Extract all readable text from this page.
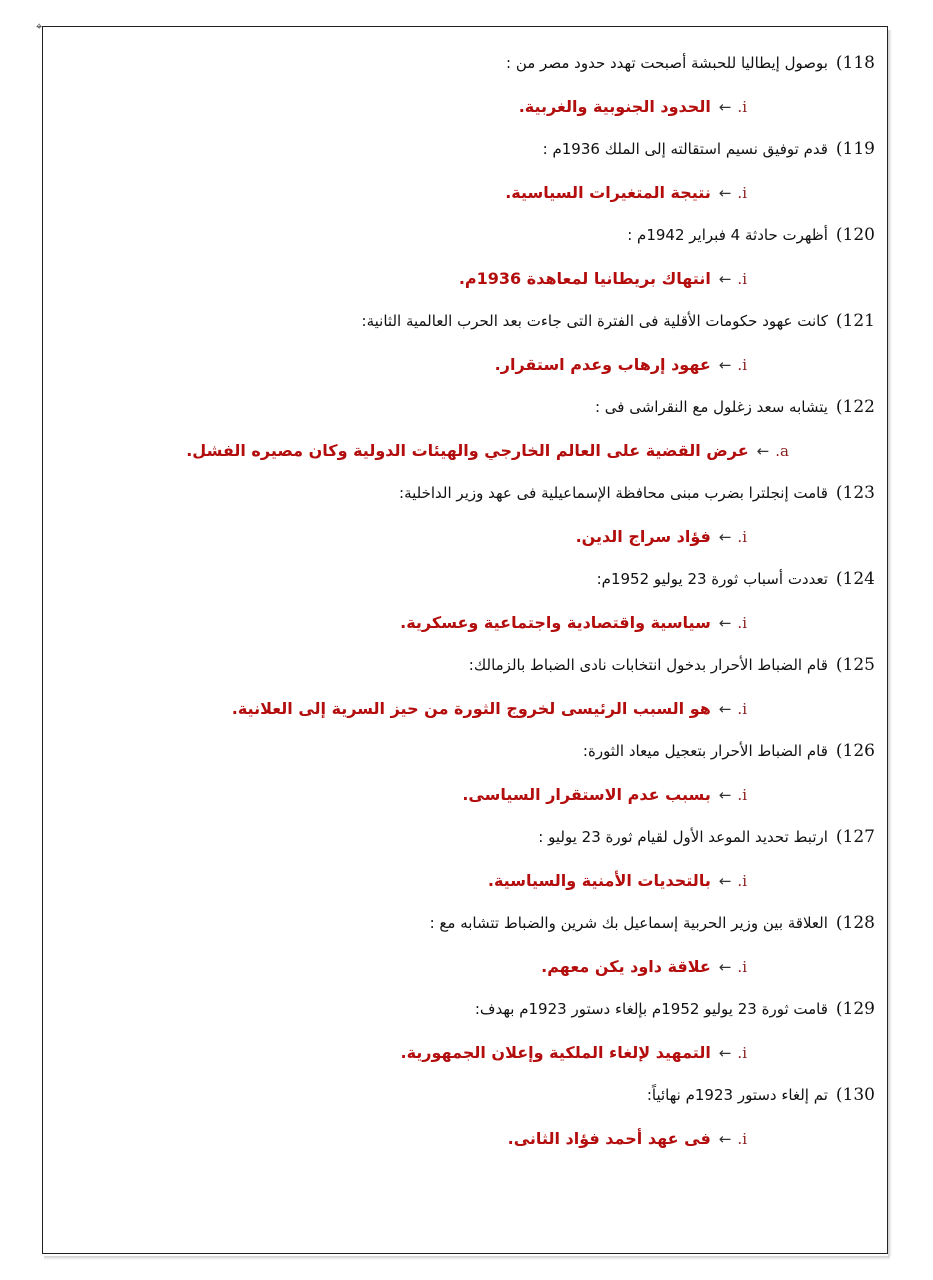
⌖
118)بوصول إيطاليا للحبشة أصبحت تهدد حدود مصر من :
i.←الحدود الجنوبية والغربية.
119)قدم توفيق نسيم استقالته إلى الملك 1936م :
i.←نتيجة المتغيرات السياسية.
120)أظهرت حادثة 4 فبراير 1942م :
i.←انتهاك بريطانيا لمعاهدة 1936م.
121)كانت عهود حكومات الأقلية فى الفترة التى جاءت بعد الحرب العالمية الثانية:
i.←عهود إرهاب وعدم استقرار.
122)يتشابه سعد زغلول مع النقراشى فى :
a.←عرض القضية على العالم الخارجي والهيئات الدولية وكان مصيره الفشل.
123)قامت إنجلترا بضرب مبنى محافظة الإسماعيلية فى عهد وزير الداخلية:
i.←فؤاد سراج الدين.
124)تعددت أسباب ثورة 23 يوليو 1952م:
i.←سياسية واقتصادية واجتماعية وعسكرية.
125)قام الضباط الأحرار بدخول انتخابات نادى الضباط بالزمالك:
i.←هو السبب الرئيسى لخروج الثورة من حيز السرية إلى العلانية.
126)قام الضباط الأحرار بتعجيل ميعاد الثورة:
i.←بسبب عدم الاستقرار السياسى.
127)ارتبط تحديد الموعد الأول لقيام ثورة 23 يوليو :
i.←بالتحديات الأمنية والسياسية.
128)العلاقة بين وزير الحربية إسماعيل بك شرين والضباط تتشابه مع :
i.←علاقة داود يكن معهم.
129)قامت ثورة 23 يوليو 1952م بإلغاء دستور 1923م بهدف:
i.←التمهيد لإلغاء الملكية وإعلان الجمهورية.
130)تم إلغاء دستور 1923م نهائياً:
i.←فى عهد أحمد فؤاد الثانى.
